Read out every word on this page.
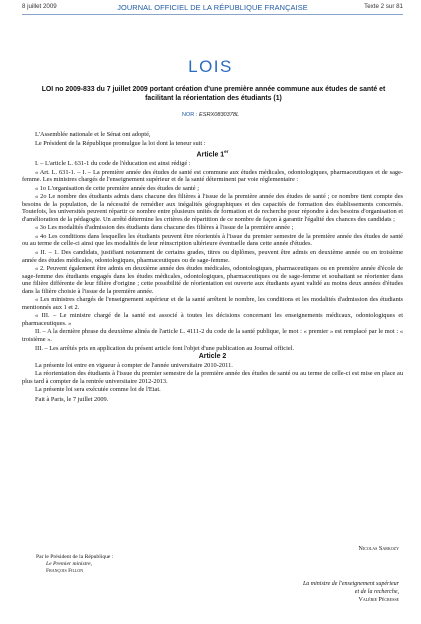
8 juillet 2009	JOURNAL OFFICIEL DE LA RÉPUBLIQUE FRANÇAISE	Texte 2 sur 81
LOIS
LOI no 2009-833 du 7 juillet 2009 portant création d'une première année commune aux études de santé et facilitant la réorientation des étudiants (1)
NOR : ESRX0830378L

L'Assemblée nationale et le Sénat ont adopté,

Le Président de la République promulgue la loi dont la teneur suit :

Article 1er

I. – L'article L. 631-1 du code de l'éducation est ainsi rédigé :

« Art. L. 631-1. – I. – La première année des études de santé est commune aux études médicales, odontologiques, pharmaceutiques et de sage-femme. Les ministres chargés de l'enseignement supérieur et de la santé déterminent par voie réglementaire :

« 1o L'organisation de cette première année des études de santé ;

« 2o Le nombre des étudiants admis dans chacune des filières à l'issue de la première année des études de santé ; ce nombre tient compte des besoins de la population, de la nécessité de remédier aux inégalités géographiques et des capacités de formation des établissements concernés. Toutefois, les universités peuvent répartir ce nombre entre plusieurs unités de formation et de recherche pour répondre à des besoins d'organisation et d'amélioration de la pédagogie. Un arrêté détermine les critères de répartition de ce nombre de façon à garantir l'égalité des chances des candidats ;

« 3o Les modalités d'admission des étudiants dans chacune des filières à l'issue de la première année ;

« 4o Les conditions dans lesquelles les étudiants peuvent être réorientés à l'issue du premier semestre de la première année des études de santé ou au terme de celle-ci ainsi que les modalités de leur réinscription ultérieure éventuelle dans cette année d'études.

« II. – 1. Des candidats, justifiant notamment de certains grades, titres ou diplômes, peuvent être admis en deuxième année ou en troisième année des études médicales, odontologiques, pharmaceutiques ou de sage-femme.

« 2. Peuvent également être admis en deuxième année des études médicales, odontologiques, pharmaceutiques ou en première année d'école de sage-femme des étudiants engagés dans les études médicales, odontologiques, pharmaceutiques ou de sage-femme et souhaitant se réorienter dans une filière différente de leur filière d'origine ; cette possibilité de réorientation est ouverte aux étudiants ayant validé au moins deux années d'études dans la filière choisie à l'issue de la première année.

« Les ministres chargés de l'enseignement supérieur et de la santé arrêtent le nombre, les conditions et les modalités d'admission des étudiants mentionnés aux 1 et 2.

« III. – Le ministre chargé de la santé est associé à toutes les décisions concernant les enseignements médicaux, odontologiques et pharmaceutiques. »

II. – A la dernière phrase du deuxième alinéa de l'article L. 4111-2 du code de la santé publique, le mot : « premier » est remplacé par le mot : « troisième ».

III. – Les arrêtés pris en application du présent article font l'objet d'une publication au Journal officiel.

Article 2

La présente loi entre en vigueur à compter de l'année universitaire 2010-2011.

La réorientation des étudiants à l'issue du premier semestre de la première année des études de santé ou au terme de celle-ci est mise en place au plus tard à compter de la rentrée universitaire 2012-2013.

La présente loi sera exécutée comme loi de l'Etat.

Fait à Paris, le 7 juillet 2009.

Nicolas Sarkozy
Par le Président de la République :
Le Premier ministre,
François Fillon
La ministre de l'enseignement supérieur
et de la recherche,
Valérie Pécresse
